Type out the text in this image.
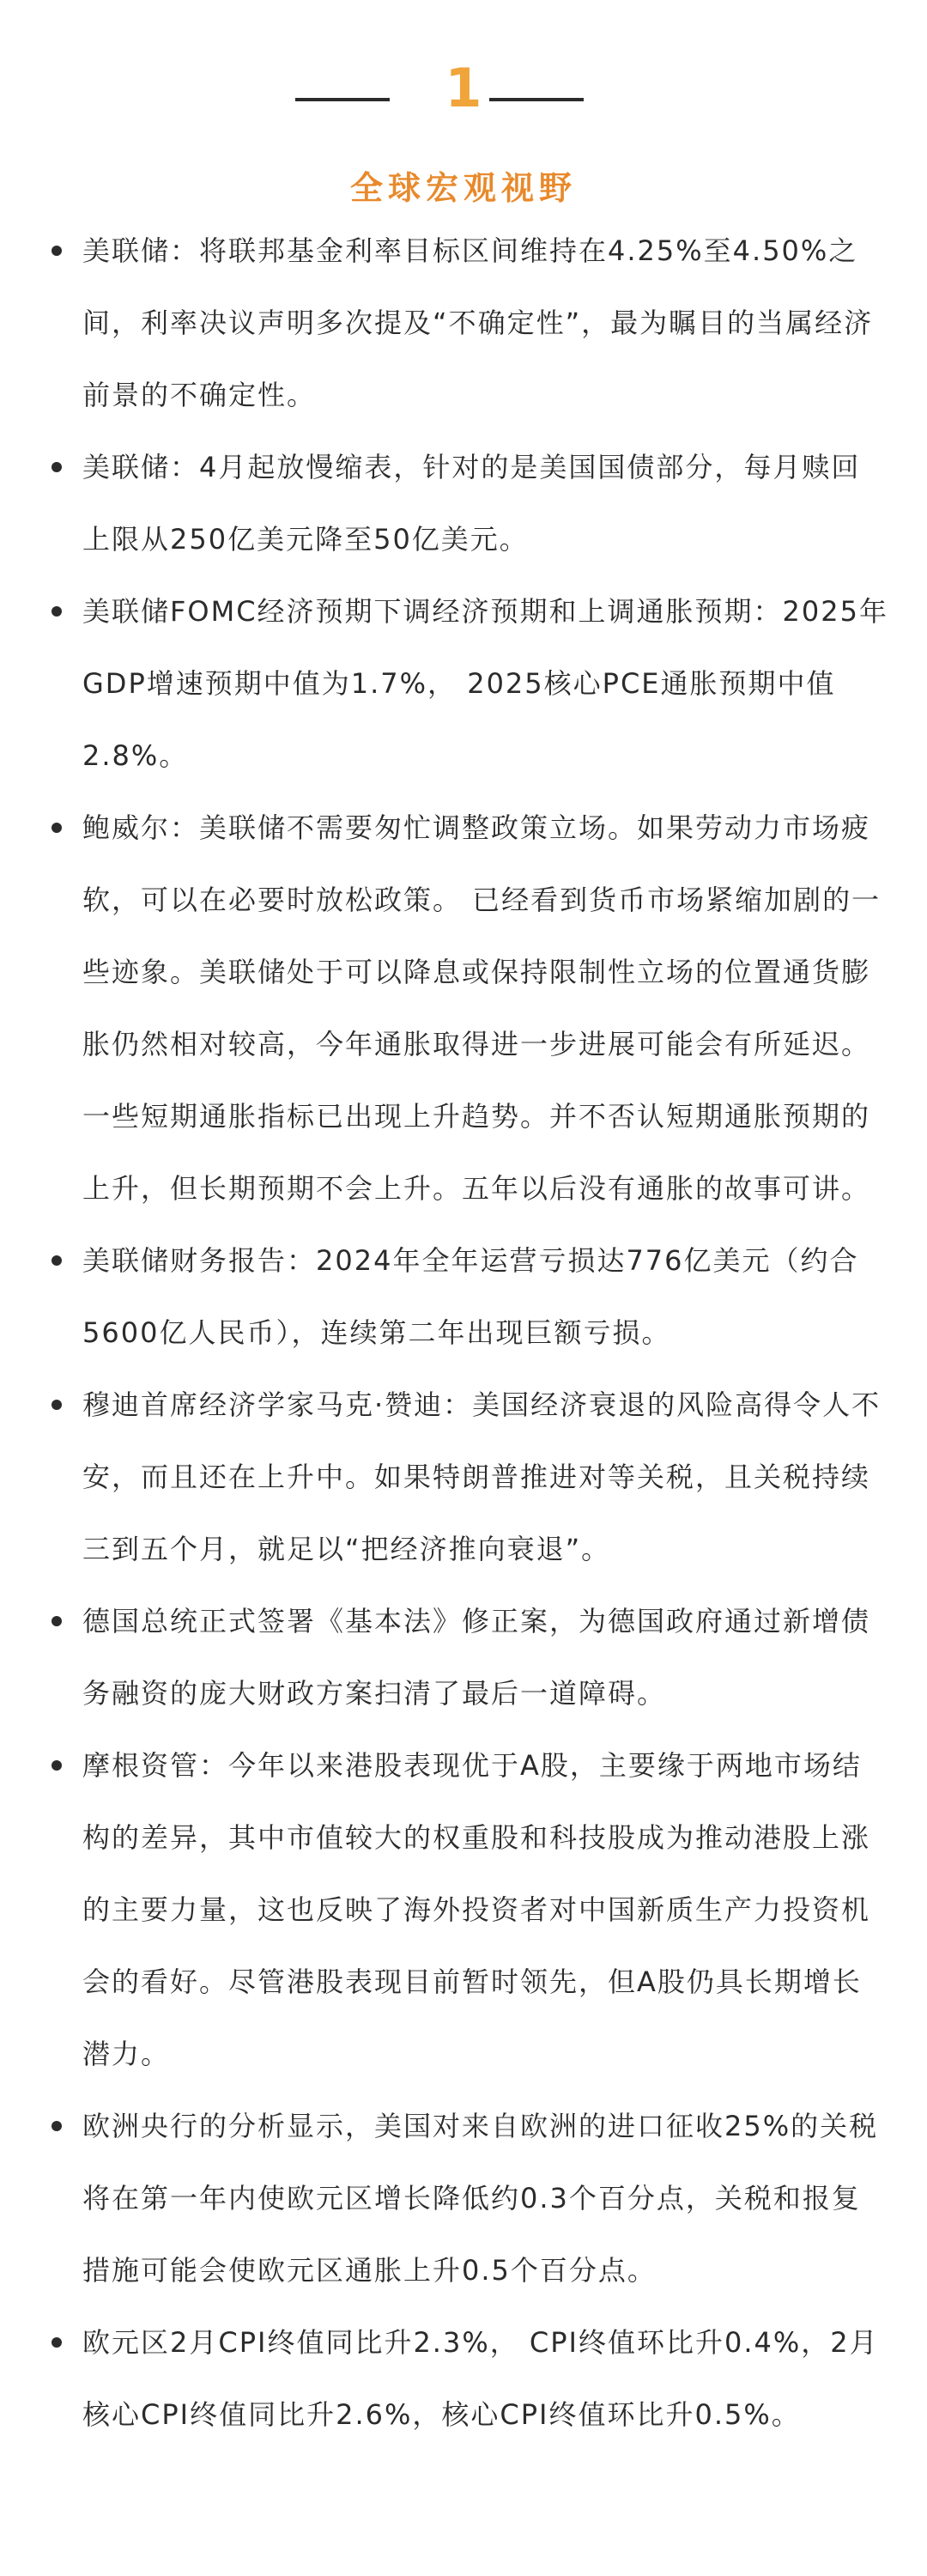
1
全球宏观视野
美联储：将联邦基金利率目标区间维持在4.25%至4.50%之间，利率决议声明多次提及“不确定性”，最为瞩目的当属经济前景的不确定性。
美联储：4月起放慢缩表，针对的是美国国债部分，每月赎回上限从250亿美元降至50亿美元。
美联储FOMC经济预期下调经济预期和上调通胀预期：2025年GDP增速预期中值为1.7%， 2025核心PCE通胀预期中值2.8%。
鲍威尔：美联储不需要匆忙调整政策立场。如果劳动力市场疲软，可以在必要时放松政策。 已经看到货币市场紧缩加剧的一些迹象。美联储处于可以降息或保持限制性立场的位置通货膨胀仍然相对较高，今年通胀取得进一步进展可能会有所延迟。一些短期通胀指标已出现上升趋势。并不否认短期通胀预期的上升，但长期预期不会上升。五年以后没有通胀的故事可讲。
美联储财务报告：2024年全年运营亏损达776亿美元（约合5600亿人民币），连续第二年出现巨额亏损。
穆迪首席经济学家马克·赞迪：美国经济衰退的风险高得令人不安，而且还在上升中。如果特朗普推进对等关税，且关税持续三到五个月，就足以“把经济推向衰退”。
德国总统正式签署《基本法》修正案，为德国政府通过新增债务融资的庞大财政方案扫清了最后一道障碍。
摩根资管：今年以来港股表现优于A股，主要缘于两地市场结构的差异，其中市值较大的权重股和科技股成为推动港股上涨的主要力量，这也反映了海外投资者对中国新质生产力投资机会的看好。尽管港股表现目前暂时领先，但A股仍具长期增长潜力。
欧洲央行的分析显示，美国对来自欧洲的进口征收25%的关税将在第一年内使欧元区增长降低约0.3个百分点，关税和报复措施可能会使欧元区通胀上升0.5个百分点。
欧元区2月CPI终值同比升2.3%， CPI终值环比升0.4%，2月核心CPI终值同比升2.6%，核心CPI终值环比升0.5%。
